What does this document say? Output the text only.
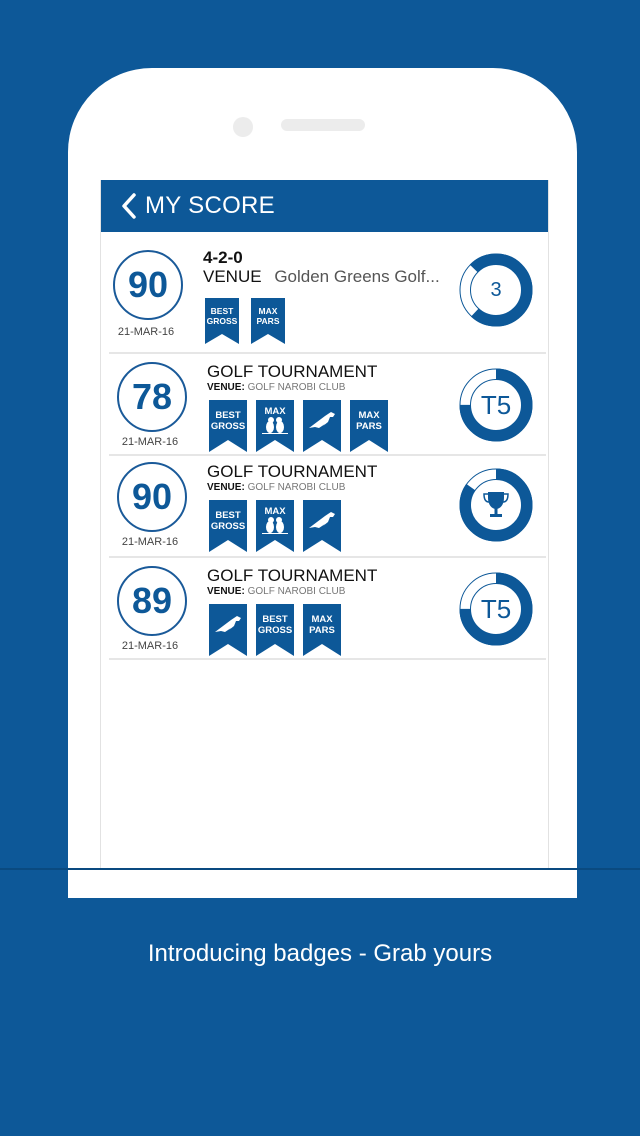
MY SCORE
90
21-MAR-16
4-2-0
VENUE Golden Greens Golf...
BEST
GROSS
MAX
PARS
3
78
21-MAR-16
GOLF TOURNAMENT
VENUE: GOLF NAROBI CLUB
BEST
GROSS
MAX	MAX
PARS
T5
90
21-MAR-16
GOLF TOURNAMENT
VENUE: GOLF NAROBI CLUB
BEST
GROSS
MAX
89
21-MAR-16
GOLF TOURNAMENT
VENUE: GOLF NAROBI CLUB
BEST
GROSS
MAX
PARS
T5
Introducing badges - Grab yours
